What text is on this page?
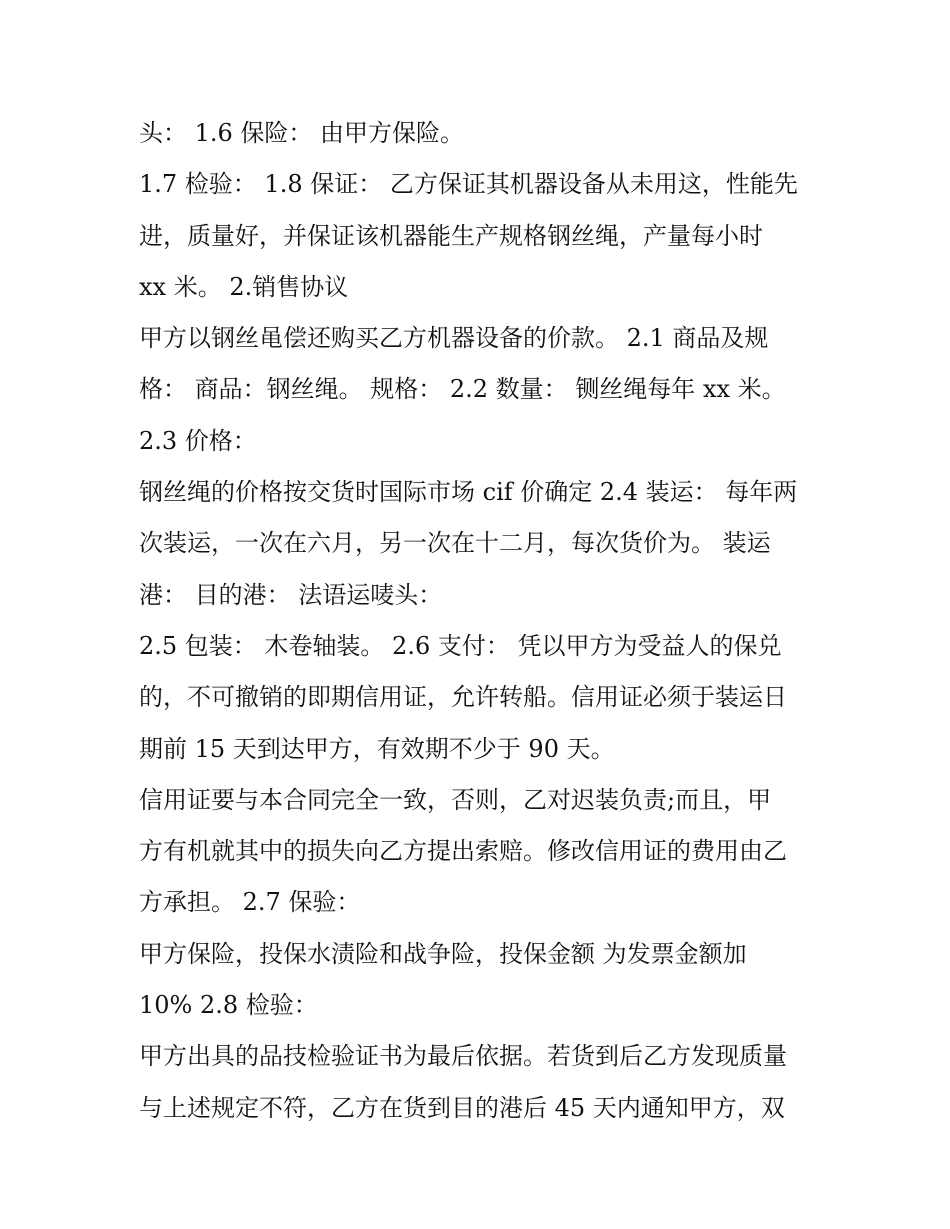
头： 1.6 保险： 由甲方保险。
1.7 检验： 1.8 保证： 乙方保证其机器设备从未用这，性能先
进，质量好，并保证该机器能生产规格钢丝绳，产量每小时
xx 米。 2.销售协议
甲方以钢丝黾偿还购买乙方机器设备的价款。 2.1 商品及规
格： 商品：钢丝绳。 规格： 2.2 数量： 铡丝绳每年 xx 米。
2.3 价格：
钢丝绳的价格按交货时国际市场 cif 价确定 2.4 装运： 每年两
次装运，一次在六月，另一次在十二月，每次货价为。 装运
港： 目的港： 法语运唛头：
2.5 包装： 木卷轴装。 2.6 支付： 凭以甲方为受益人的保兑
的，不可撤销的即期信用证，允许转船。信用证必须于装运日
期前 15 天到达甲方，有效期不少于 90 天。
信用证要与本合同完全一致，否则，乙对迟装负责;而且，甲
方有机就其中的损失向乙方提出索赔。修改信用证的费用由乙
方承担。 2.7 保验：
甲方保险，投保水渍险和战争险，投保金额 为发票金额加
10% 2.8 检验：
甲方出具的品技检验证书为最后依据。若货到后乙方发现质量
与上述规定不符，乙方在货到目的港后 45 天内通知甲方，双
